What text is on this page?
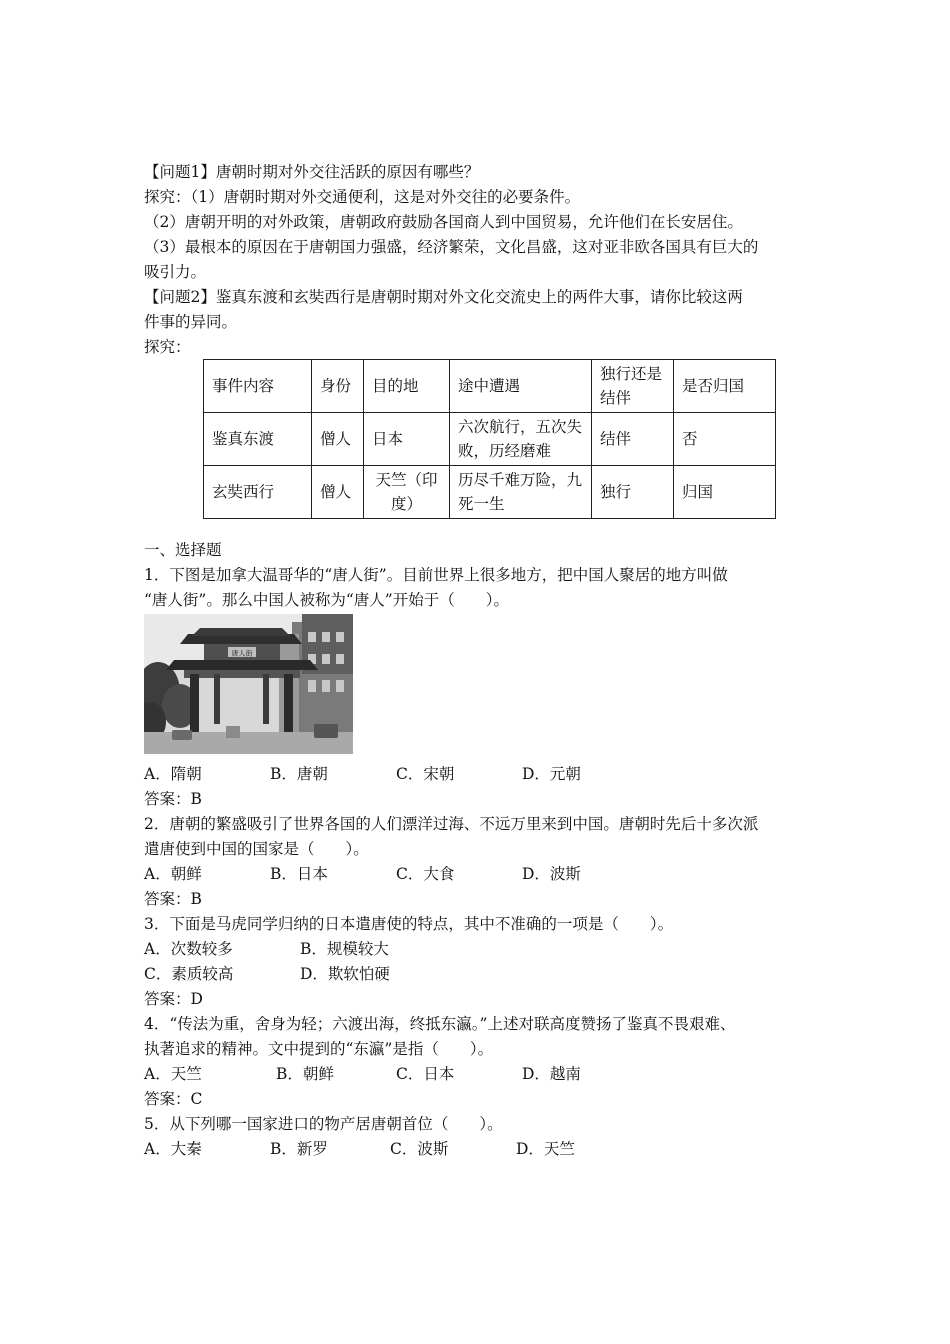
【问题1】唐朝时期对外交往活跃的原因有哪些？
探究：（1）唐朝时期对外交通便利，这是对外交往的必要条件。
（2）唐朝开明的对外政策，唐朝政府鼓励各国商人到中国贸易，允许他们在长安居住。
（3）最根本的原因在于唐朝国力强盛，经济繁荣，文化昌盛，这对亚非欧各国具有巨大的
吸引力。
【问题2】鉴真东渡和玄奘西行是唐朝时期对外文化交流史上的两件大事，请你比较这两
件事的异同。
探究：
事件内容	身份	目的地	途中遭遇	独行还是结伴	是否归国
鉴真东渡	僧人	日本	六次航行，五次失败，历经磨难	结伴	否
玄奘西行	僧人	天竺（印度）	历尽千难万险，九死一生	独行	归国
一、选择题
1．下图是加拿大温哥华的“唐人街”。目前世界上很多地方，把中国人聚居的地方叫做
“唐人街”。那么中国人被称为“唐人”开始于（　　）。
唐人街
A．隋朝	B．唐朝	C．宋朝	D．元朝
答案：B
2．唐朝的繁盛吸引了世界各国的人们漂洋过海、不远万里来到中国。唐朝时先后十多次派
遣唐使到中国的国家是（　　）。
A．朝鲜	B．日本	C．大食	D．波斯
答案：B
3．下面是马虎同学归纳的日本遣唐使的特点，其中不准确的一项是（　　）。
A．次数较多	B．规模较大
C．素质较高	D．欺软怕硬
答案：D
4．“传法为重，舍身为轻；六渡出海，终抵东瀛。”上述对联高度赞扬了鉴真不畏艰难、
执著追求的精神。文中提到的“东瀛”是指（　　）。
A．天竺	B．朝鲜	C．日本	D．越南
答案：C
5．从下列哪一国家进口的物产居唐朝首位（　　）。
A．大秦	B．新罗	C．波斯	D．天竺
